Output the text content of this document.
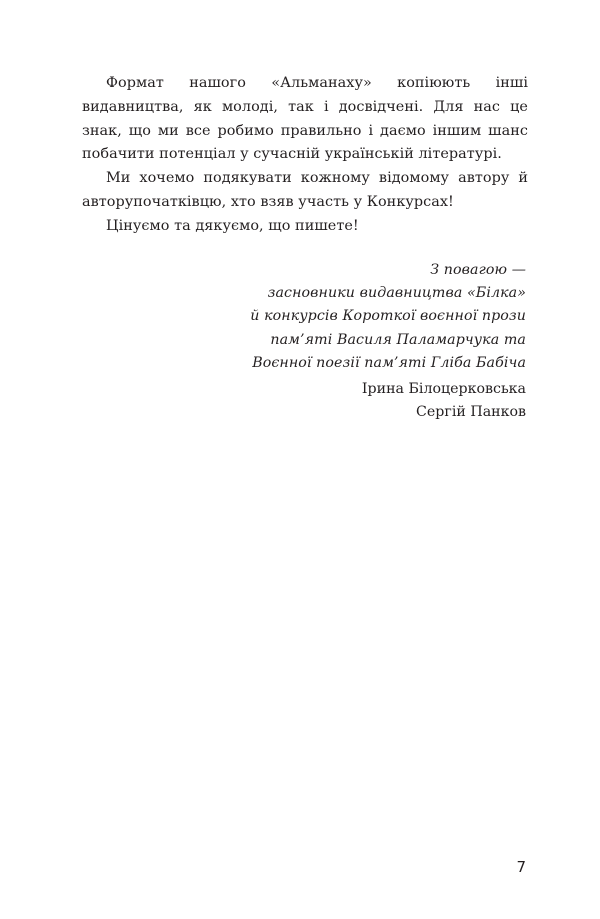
Формат нашого «Альманаху» копіюють інші видавництва, як молоді, так і досвідчені. Для нас це знак, що ми все робимо правильно і даємо іншим шанс побачити потенціал у сучасній українській літературі.

Ми хочемо подякувати кожному відомому автору й авторупочатківцю, хто взяв участь у Конкурсах!

Цінуємо та дякуємо, що пишете!

З повагою —
засновники видавництва «Білка»
й конкурсів Короткої воєнної прози
пам’яті Василя Паламарчука та
Воєнної поезії пам’яті Гліба Бабіча
Ірина Білоцерковська
Сергій Панков
7
